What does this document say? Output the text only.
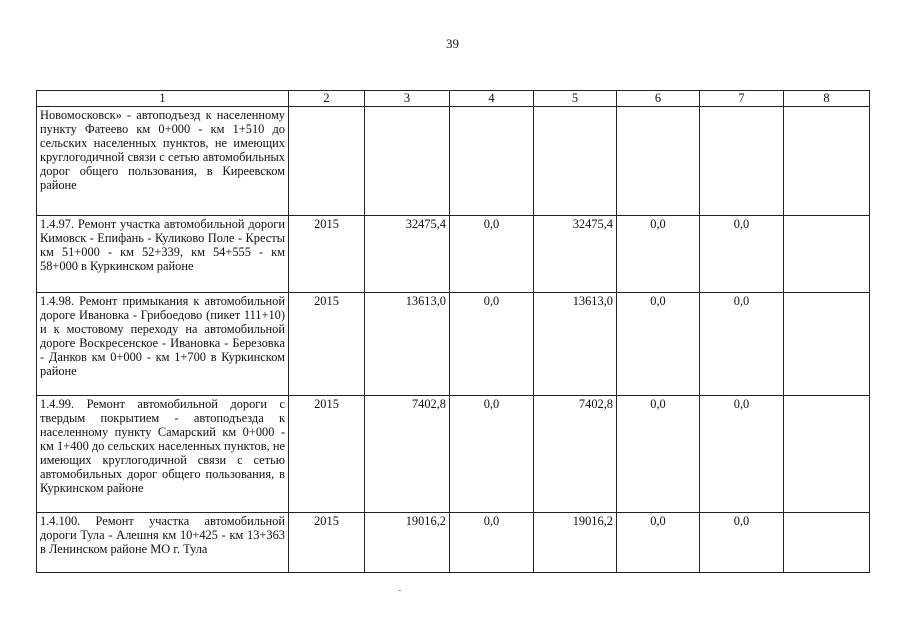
39
1	2	3	4	5	6	7	8
Новомосковск» - автоподъезд к населенному пункту Фатеево км 0+000 - км 1+510 до сельских населенных пунктов, не имеющих круглогодичной связи с сетью автомобильных дорог общего пользования, в Киреевском районе							
1.4.97. Ремонт участка автомобильной дороги Кимовск - Епифань - Куликово Поле - Кресты км 51+000 - км 52+339, км 54+555 - км 58+000 в Куркинском районе	2015	32475,4	0,0	32475,4	0,0	0,0	
1.4.98. Ремонт примыкания к автомобильной дороге Ивановка - Грибоедово (пикет 111+10) и к мостовому переходу на автомобильной дороге Воскресенское - Ивановка - Березовка - Данков км 0+000 - км 1+700 в Куркинском районе	2015	13613,0	0,0	13613,0	0,0	0,0	
1.4.99. Ремонт автомобильной дороги с твердым покрытием - автоподъезда к населенному пункту Самарский км 0+000 - км 1+400 до сельских населенных пунктов, не имеющих круглогодичной связи с сетью автомобильных дорог общего пользования, в Куркинском районе	2015	7402,8	0,0	7402,8	0,0	0,0	
1.4.100. Ремонт участка автомобильной дороги Тула - Алешня км 10+425 - км 13+363 в Ленинском районе МО г. Тула	2015	19016,2	0,0	19016,2	0,0	0,0	
